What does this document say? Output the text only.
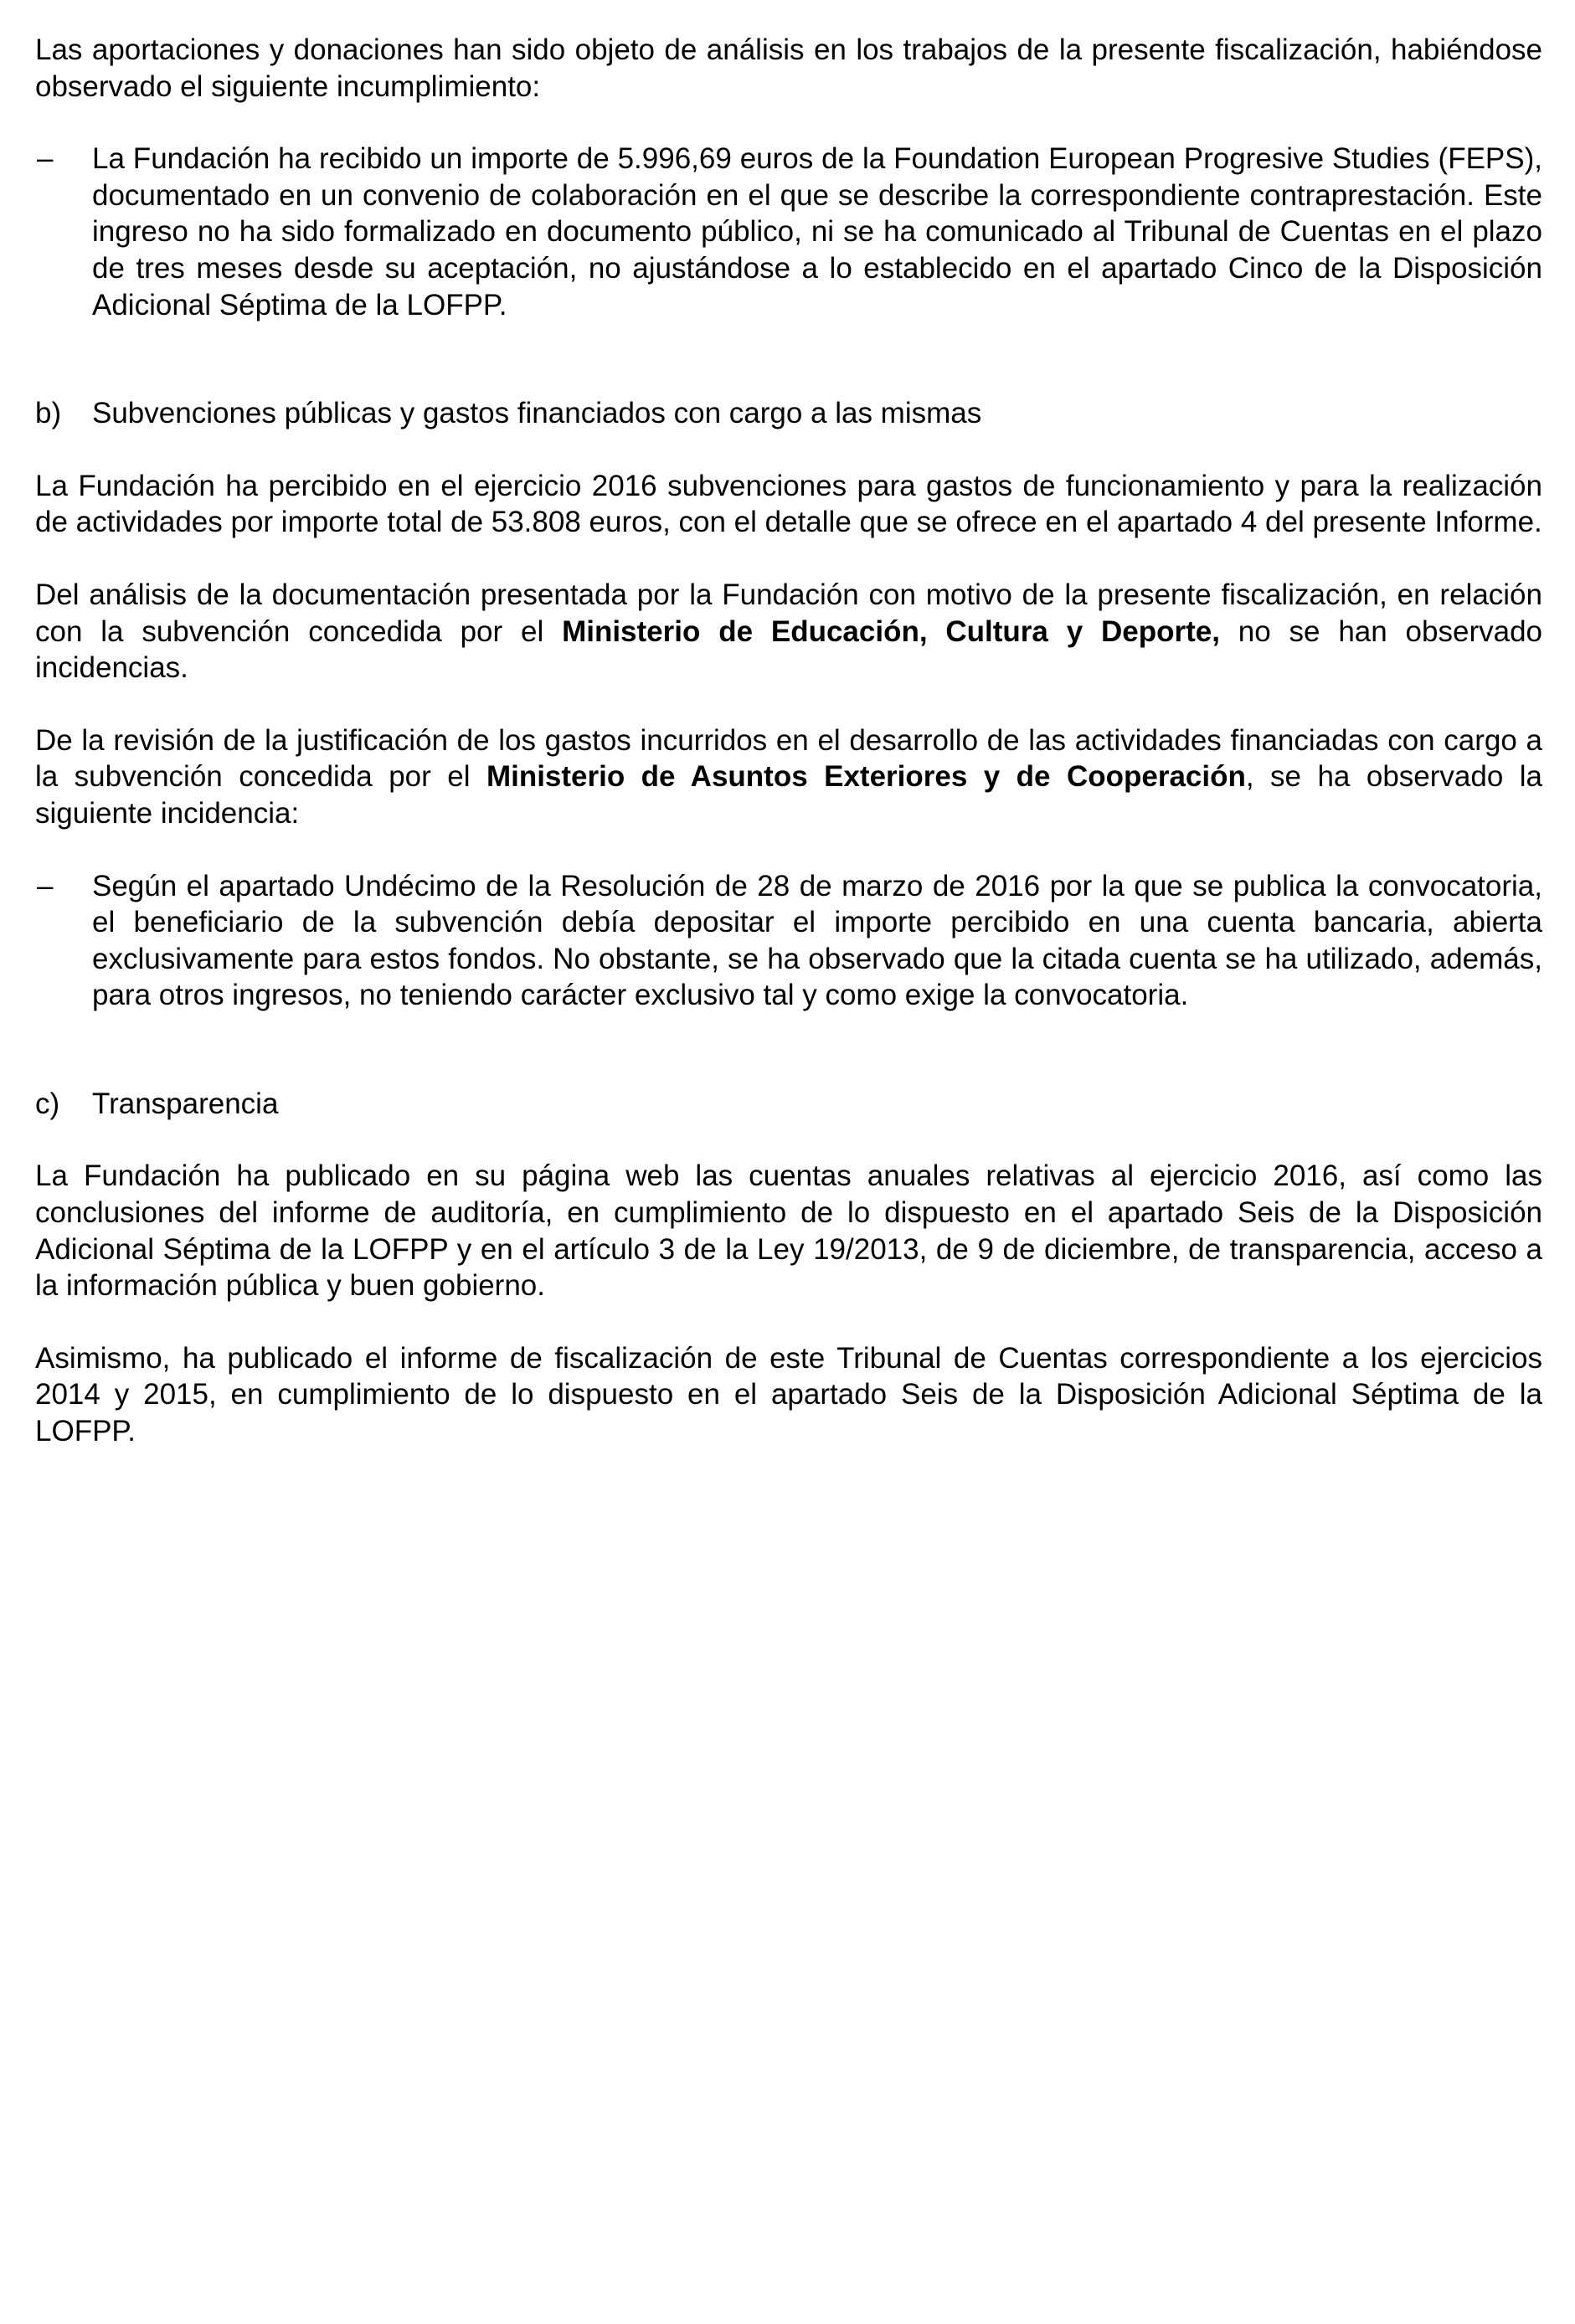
Las aportaciones y donaciones han sido objeto de análisis en los trabajos de la presente fiscalización, habiéndose observado el siguiente incumplimiento:

– La Fundación ha recibido un importe de 5.996,69 euros de la Foundation European Progresive Studies (FEPS), documentado en un convenio de colaboración en el que se describe la correspondiente contraprestación. Este ingreso no ha sido formalizado en documento público, ni se ha comunicado al Tribunal de Cuentas en el plazo de tres meses desde su aceptación, no ajustándose a lo establecido en el apartado Cinco de la Disposición Adicional Séptima de la LOFPP.
b) Subvenciones públicas y gastos financiados con cargo a las mismas

La Fundación ha percibido en el ejercicio 2016 subvenciones para gastos de funcionamiento y para la realización de actividades por importe total de 53.808 euros, con el detalle que se ofrece en el apartado 4 del presente Informe.

Del análisis de la documentación presentada por la Fundación con motivo de la presente fiscalización, en relación con la subvención concedida por el Ministerio de Educación, Cultura y Deporte, no se han observado incidencias.

De la revisión de la justificación de los gastos incurridos en el desarrollo de las actividades financiadas con cargo a la subvención concedida por el Ministerio de Asuntos Exteriores y de Cooperación, se ha observado la siguiente incidencia:

– Según el apartado Undécimo de la Resolución de 28 de marzo de 2016 por la que se publica la convocatoria, el beneficiario de la subvención debía depositar el importe percibido en una cuenta bancaria, abierta exclusivamente para estos fondos. No obstante, se ha observado que la citada cuenta se ha utilizado, además, para otros ingresos, no teniendo carácter exclusivo tal y como exige la convocatoria.
c) Transparencia

La Fundación ha publicado en su página web las cuentas anuales relativas al ejercicio 2016, así como las conclusiones del informe de auditoría, en cumplimiento de lo dispuesto en el apartado Seis de la Disposición Adicional Séptima de la LOFPP y en el artículo 3 de la Ley 19/2013, de 9 de diciembre, de transparencia, acceso a la información pública y buen gobierno.

Asimismo, ha publicado el informe de fiscalización de este Tribunal de Cuentas correspondiente a los ejercicios 2014 y 2015, en cumplimiento de lo dispuesto en el apartado Seis de la Disposición Adicional Séptima de la LOFPP.
